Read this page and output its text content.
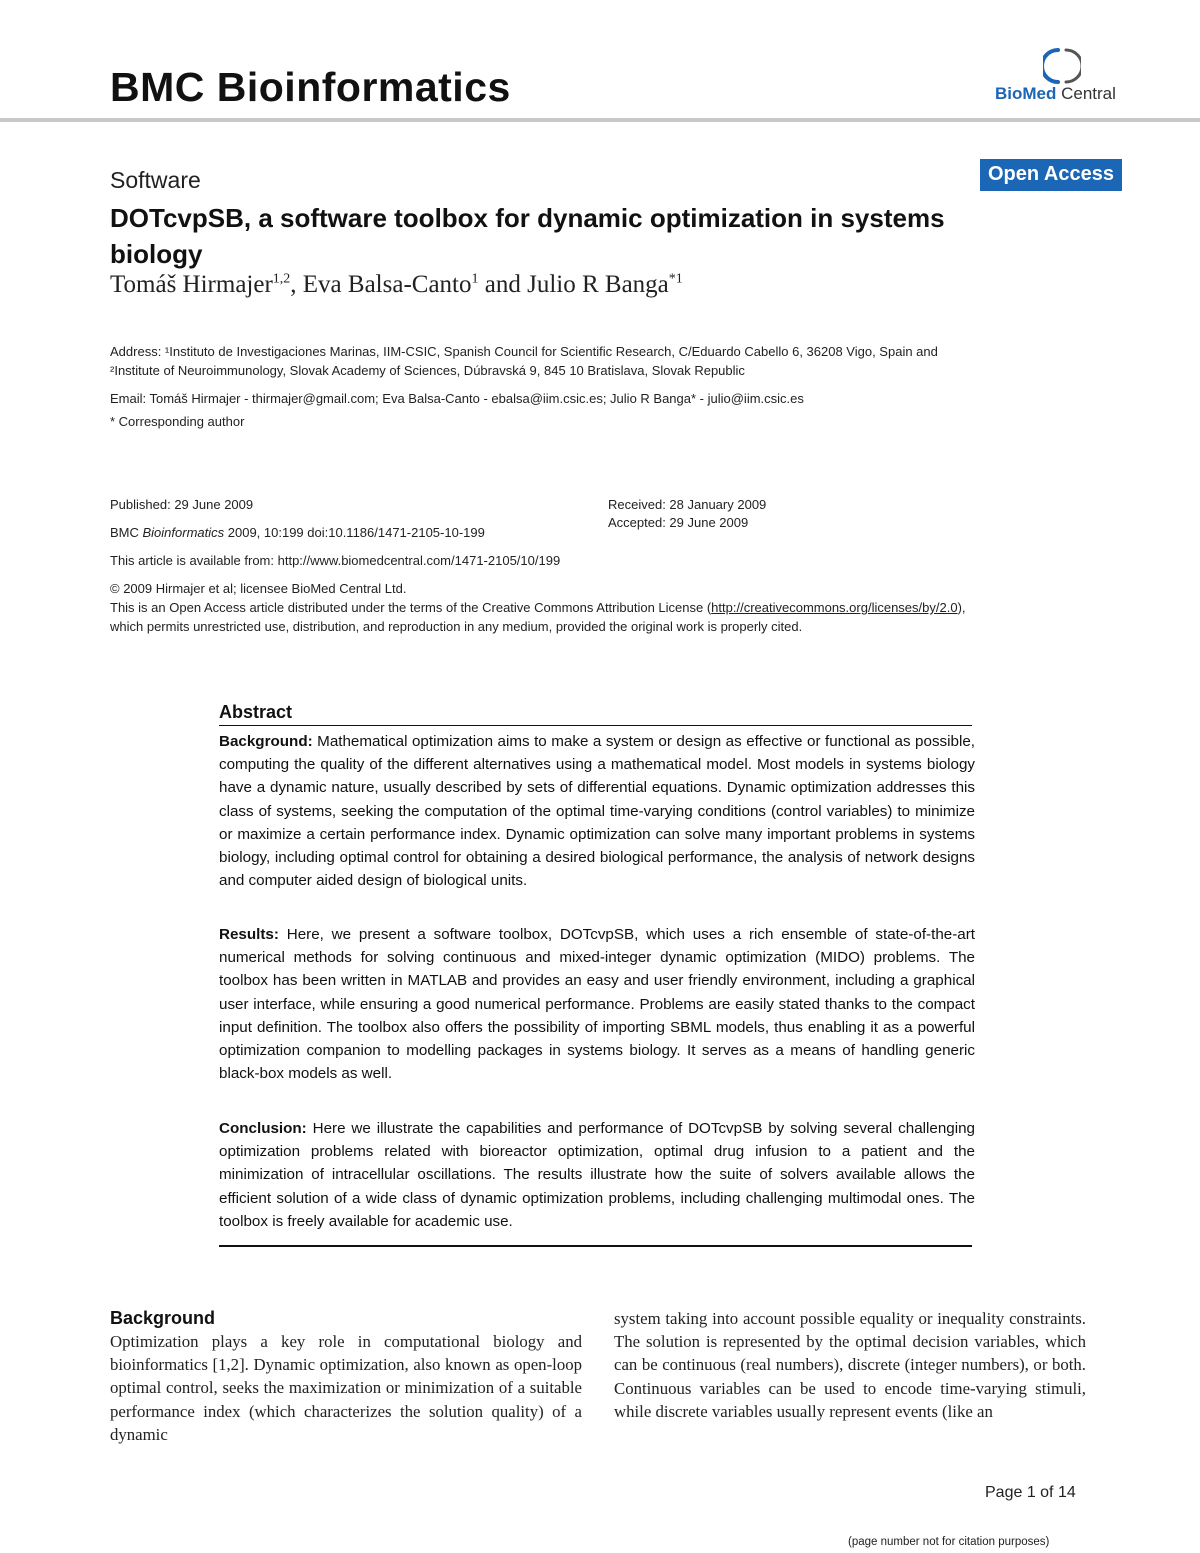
BMC Bioinformatics	BioMed Central
Software	Open Access
DOTcvpSB, a software toolbox for dynamic optimization in systems biology
Tomáš Hirmajer$^{1,2}$, Eva Balsa-Canto$^1$ and Julio R Banga$^{*1}$
Address: ¹Instituto de Investigaciones Marinas, IIM-CSIC, Spanish Council for Scientific Research, C/Eduardo Cabello 6, 36208 Vigo, Spain and
²Institute of Neuroimmunology, Slovak Academy of Sciences, Dúbravská 9, 845 10 Bratislava, Slovak Republic
Email: Tomáš Hirmajer - thirmajer@gmail.com; Eva Balsa-Canto - ebalsa@iim.csic.es; Julio R Banga* - julio@iim.csic.es
* Corresponding author
Published: 29 June 2009
BMC Bioinformatics 2009, 10:199 doi:10.1186/1471-2105-10-199
Received: 28 January 2009
Accepted: 29 June 2009
This article is available from: http://www.biomedcentral.com/1471-2105/10/199
© 2009 Hirmajer et al; licensee BioMed Central Ltd.
This is an Open Access article distributed under the terms of the Creative Commons Attribution License (http://creativecommons.org/licenses/by/2.0),
which permits unrestricted use, distribution, and reproduction in any medium, provided the original work is properly cited.
Abstract
Background: Mathematical optimization aims to make a system or design as effective or functional as possible, computing the quality of the different alternatives using a mathematical model. Most models in systems biology have a dynamic nature, usually described by sets of differential equations. Dynamic optimization addresses this class of systems, seeking the computation of the optimal time-varying conditions (control variables) to minimize or maximize a certain performance index. Dynamic optimization can solve many important problems in systems biology, including optimal control for obtaining a desired biological performance, the analysis of network designs and computer aided design of biological units.
Results: Here, we present a software toolbox, DOTcvpSB, which uses a rich ensemble of state-of-the-art numerical methods for solving continuous and mixed-integer dynamic optimization (MIDO) problems. The toolbox has been written in MATLAB and provides an easy and user friendly environment, including a graphical user interface, while ensuring a good numerical performance. Problems are easily stated thanks to the compact input definition. The toolbox also offers the possibility of importing SBML models, thus enabling it as a powerful optimization companion to modelling packages in systems biology. It serves as a means of handling generic black-box models as well.
Conclusion: Here we illustrate the capabilities and performance of DOTcvpSB by solving several challenging optimization problems related with bioreactor optimization, optimal drug infusion to a patient and the minimization of intracellular oscillations. The results illustrate how the suite of solvers available allows the efficient solution of a wide class of dynamic optimization problems, including challenging multimodal ones. The toolbox is freely available for academic use.
Background
Optimization plays a key role in computational biology and bioinformatics [1,2]. Dynamic optimization, also known as open-loop optimal control, seeks the maximization or minimization of a suitable performance index (which characterizes the solution quality) of a dynamic
system taking into account possible equality or inequality constraints. The solution is represented by the optimal decision variables, which can be continuous (real numbers), discrete (integer numbers), or both. Continuous variables can be used to encode time-varying stimuli, while discrete variables usually represent events (like an
Page 1 of 14
(page number not for citation purposes)
